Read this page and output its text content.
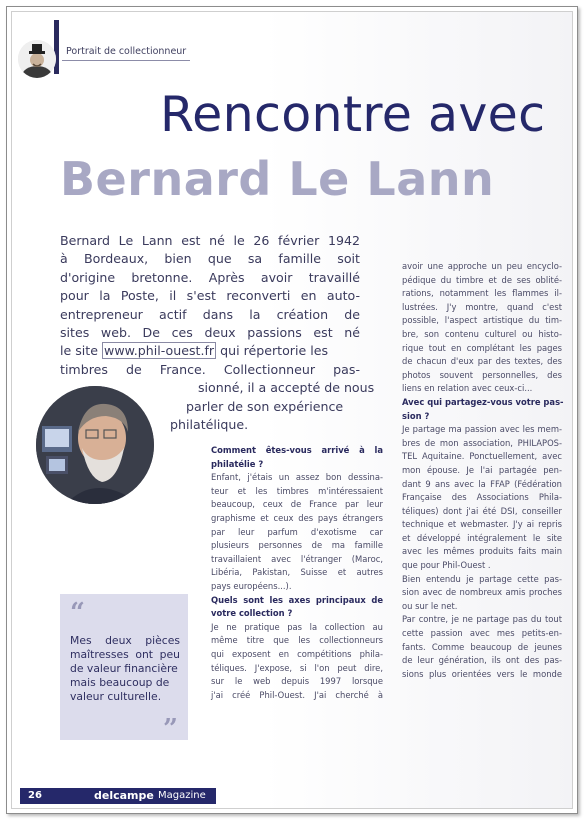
Portrait de collectionneur
Rencontre avec
Bernard Le Lann
Bernard Le Lann est né le 26 février 1942
à Bordeaux, bien que sa famille soit
d'origine bretonne. Après avoir travaillé
pour la Poste, il s'est reconverti en auto-
entrepreneur actif dans la création de
sites web. De ces deux passions est né
le site www.phil-ouest.fr qui répertorie les
timbres de France. Collectionneur pas-
sionné, il a accepté de nous
parler de son expérience
philatélique.

Comment êtes-vous arrivé à la
philatélie ?

Enfant, j'étais un assez bon dessina-
teur et les timbres m'intéressaient
beaucoup, ceux de France par leur
graphisme et ceux des pays étrangers
par leur parfum d'exotisme car
plusieurs personnes de ma famille
travaillaient avec l'étranger (Maroc,
Libéria, Pakistan, Suisse et autres
pays européens...).

Quels sont les axes principaux de
votre collection ?

Je ne pratique pas la collection au
même titre que les collectionneurs
qui exposent en compétitions phila-
téliques. J'expose, si l'on peut dire,
sur le web depuis 1997 lorsque
j'ai créé Phil-Ouest. J'ai cherché à

avoir une approche un peu encyclo-
pédique du timbre et de ses oblité-
rations, notamment les flammes il-
lustrées. J'y montre, quand c'est
possible, l'aspect artistique du tim-
bre, son contenu culturel ou histo-
rique tout en complétant les pages
de chacun d'eux par des textes, des
photos souvent personnelles, des
liens en relation avec ceux-ci...

Avec qui partagez-vous votre pas-
sion ?

Je partage ma passion avec les mem-
bres de mon association, PHILAPOS-
TEL Aquitaine. Ponctuellement, avec
mon épouse. Je l'ai partagée pen-
dant 9 ans avec la FFAP (Fédération
Française des Associations Phila-
téliques) dont j'ai été DSI, conseiller
technique et webmaster. J'y ai repris
et développé intégralement le site
avec les mêmes produits faits main
que pour Phil-Ouest .

Bien entendu je partage cette pas-
sion avec de nombreux amis proches
ou sur le net.

Par contre, je ne partage pas du tout
cette passion avec mes petits-en-
fants. Comme beaucoup de jeunes
de leur génération, ils ont des pas-
sions plus orientées vers le monde

“
Mes deux pièces
maîtresses ont peu
de valeur financière
mais beaucoup de
valeur culturelle.
”
26	delcampe Magazine
